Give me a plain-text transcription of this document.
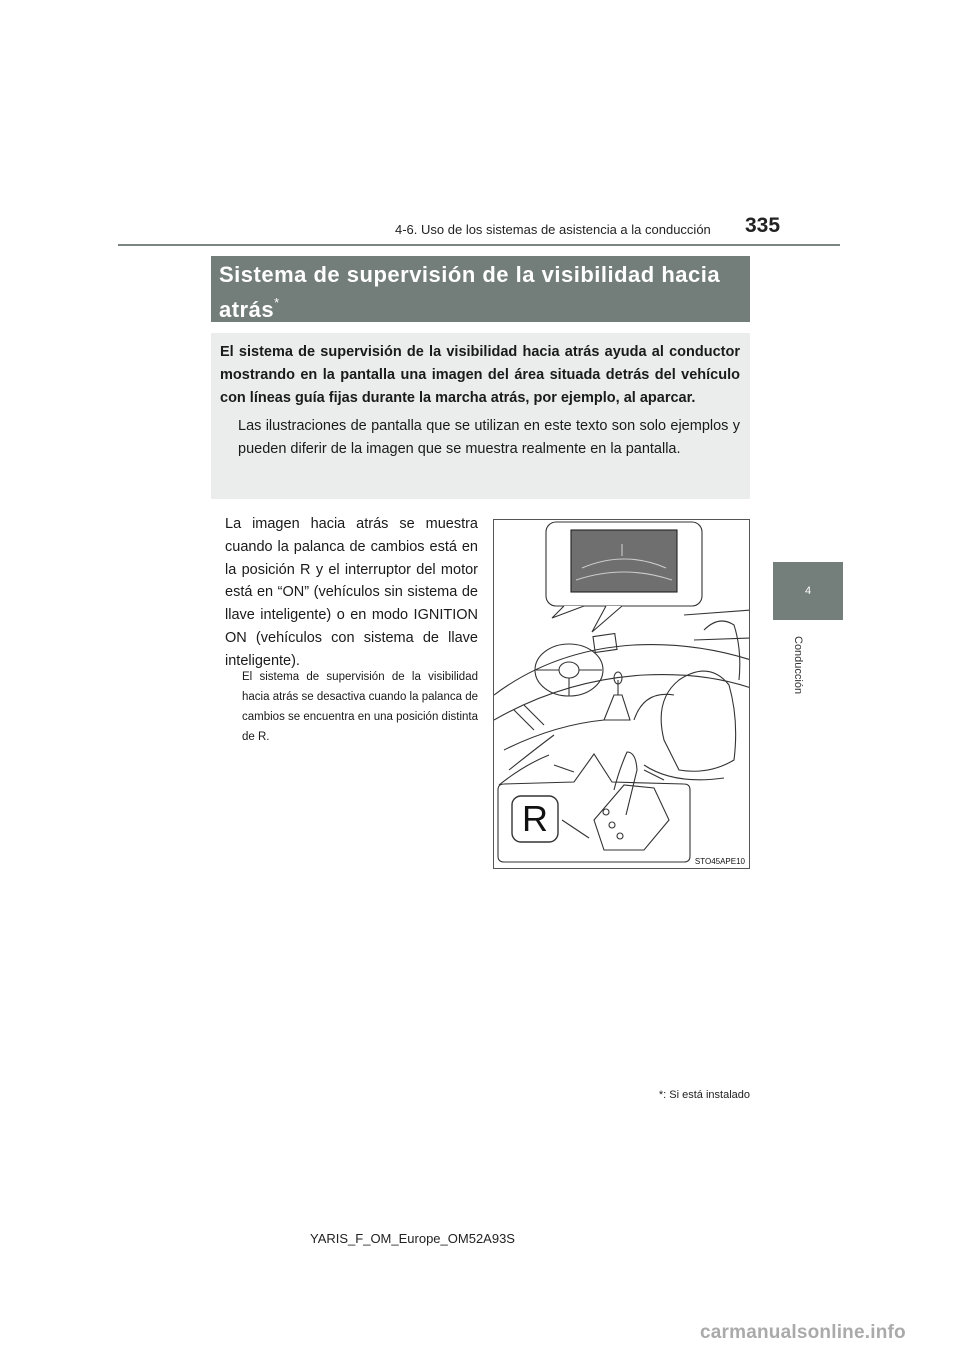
4-6. Uso de los sistemas de asistencia a la conducción 335
4
Conducción
Sistema de supervisión de la visibilidad hacia atrás*

El sistema de supervisión de la visibilidad hacia atrás ayuda al conductor mostrando en la pantalla una imagen del área situada detrás del vehículo con líneas guía fijas durante la marcha atrás, por ejemplo, al aparcar.

Las ilustraciones de pantalla que se utilizan en este texto son solo ejemplos y pueden diferir de la imagen que se muestra realmente en la pantalla.

La imagen hacia atrás se muestra cuando la palanca de cambios está en la posición R y el interruptor del motor está en “ON” (vehículos sin sistema de llave inteligente) o en modo IGNITION ON (vehículos con sistema de llave inteligente).

El sistema de supervisión de la visibilidad hacia atrás se desactiva cuando la palanca de cambios se encuentra en una posición distinta de R.

R
STO45APE10
*: Si está instalado
YARIS_F_OM_Europe_OM52A93S
carmanualsonline.info
